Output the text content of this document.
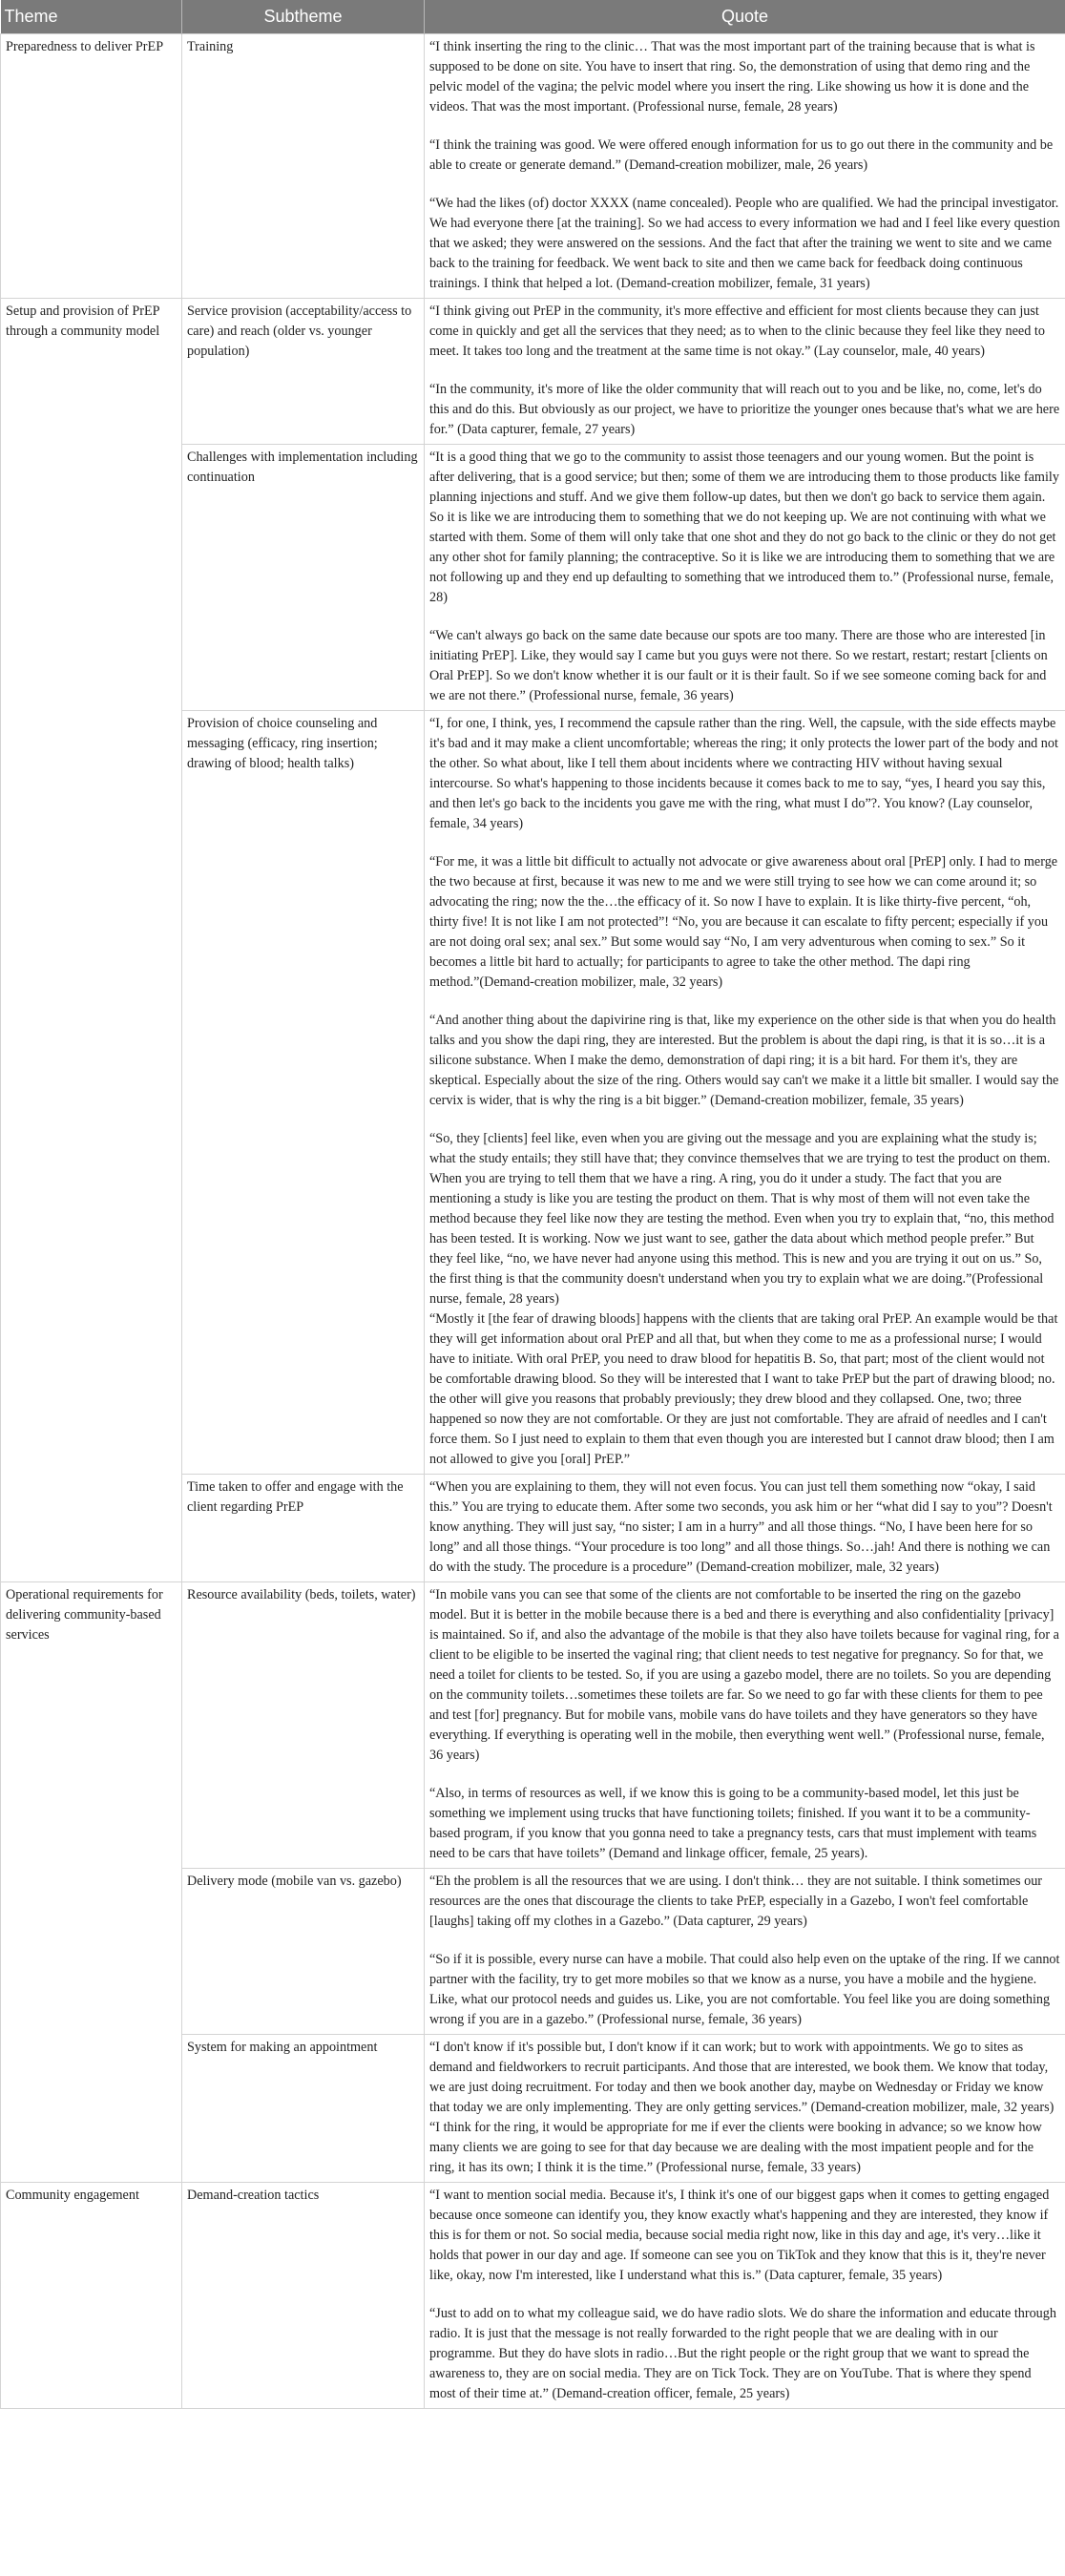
Theme	Subtheme	Quote
Preparedness to deliver PrEP	Training	“I think inserting the ring to the clinic… That was the most important part of the training because that is what is supposed to be done on site. You have to insert that ring. So, the demonstration of using that demo ring and the pelvic model of the vagina; the pelvic model where you insert the ring. Like showing us how it is done and the videos. That was the most important. (Professional nurse, female, 28 years)

“I think the training was good. We were offered enough information for us to go out there in the community and be able to create or generate demand.” (Demand-creation mobilizer, male, 26 years)

“We had the likes (of) doctor XXXX (name concealed). People who are qualified. We had the principal investigator. We had everyone there [at the training]. So we had access to every information we had and I feel like every question that we asked; they were answered on the sessions. And the fact that after the training we went to site and we came back to the training for feedback. We went back to site and then we came back for feedback doing continuous trainings. I think that helped a lot. (Demand-creation mobilizer, female, 31 years)

Setup and provision of PrEP through a community model	Service provision (acceptability/access to care) and reach (older vs. younger population)	“I think giving out PrEP in the community, it's more effective and efficient for most clients because they can just come in quickly and get all the services that they need; as to when to the clinic because they feel like they need to meet. It takes too long and the treatment at the same time is not okay.” (Lay counselor, male, 40 years)

“In the community, it's more of like the older community that will reach out to you and be like, no, come, let's do this and do this. But obviously as our project, we have to prioritize the younger ones because that's what we are here for.” (Data capturer, female, 27 years)

	Challenges with implementation including continuation	“It is a good thing that we go to the community to assist those teenagers and our young women. But the point is after delivering, that is a good service; but then; some of them we are introducing them to those products like family planning injections and stuff. And we give them follow-up dates, but then we don't go back to service them again. So it is like we are introducing them to something that we do not keeping up. We are not continuing with what we started with them. Some of them will only take that one shot and they do not go back to the clinic or they do not get any other shot for family planning; the contraceptive. So it is like we are introducing them to something that we are not following up and they end up defaulting to something that we introduced them to.” (Professional nurse, female, 28)

“We can't always go back on the same date because our spots are too many. There are those who are interested [in initiating PrEP]. Like, they would say I came but you guys were not there. So we restart, restart; restart [clients on Oral PrEP]. So we don't know whether it is our fault or it is their fault. So if we see someone coming back for and we are not there.” (Professional nurse, female, 36 years)

	Provision of choice counseling and messaging (efficacy, ring insertion; drawing of blood; health talks)	“I, for one, I think, yes, I recommend the capsule rather than the ring. Well, the capsule, with the side effects maybe it's bad and it may make a client uncomfortable; whereas the ring; it only protects the lower part of the body and not the other. So what about, like I tell them about incidents where we contracting HIV without having sexual intercourse. So what's happening to those incidents because it comes back to me to say, “yes, I heard you say this, and then let's go back to the incidents you gave me with the ring, what must I do”?. You know? (Lay counselor, female, 34 years)

“For me, it was a little bit difficult to actually not advocate or give awareness about oral [PrEP] only. I had to merge the two because at first, because it was new to me and we were still trying to see how we can come around it; so advocating the ring; now the the…the efficacy of it. So now I have to explain. It is like thirty-five percent, “oh, thirty five! It is not like I am not protected”! “No, you are because it can escalate to fifty percent; especially if you are not doing oral sex; anal sex.” But some would say “No, I am very adventurous when coming to sex.” So it becomes a little bit hard to actually; for participants to agree to take the other method. The dapi ring method.”(Demand-creation mobilizer, male, 32 years)

“And another thing about the dapivirine ring is that, like my experience on the other side is that when you do health talks and you show the dapi ring, they are interested. But the problem is about the dapi ring, is that it is so…it is a silicone substance. When I make the demo, demonstration of dapi ring; it is a bit hard. For them it's, they are skeptical. Especially about the size of the ring. Others would say can't we make it a little bit smaller. I would say the cervix is wider, that is why the ring is a bit bigger.” (Demand-creation mobilizer, female, 35 years)

“So, they [clients] feel like, even when you are giving out the message and you are explaining what the study is; what the study entails; they still have that; they convince themselves that we are trying to test the product on them. When you are trying to tell them that we have a ring. A ring, you do it under a study. The fact that you are mentioning a study is like you are testing the product on them. That is why most of them will not even take the method because they feel like now they are testing the method. Even when you try to explain that, “no, this method has been tested. It is working. Now we just want to see, gather the data about which method people prefer.” But they feel like, “no, we have never had anyone using this method. This is new and you are trying it out on us.” So, the first thing is that the community doesn't understand when you try to explain what we are doing.”(Professional nurse, female, 28 years)

“Mostly it [the fear of drawing bloods] happens with the clients that are taking oral PrEP. An example would be that they will get information about oral PrEP and all that, but when they come to me as a professional nurse; I would have to initiate. With oral PrEP, you need to draw blood for hepatitis B. So, that part; most of the client would not be comfortable drawing blood. So they will be interested that I want to take PrEP but the part of drawing blood; no. the other will give you reasons that probably previously; they drew blood and they collapsed. One, two; three happened so now they are not comfortable. Or they are just not comfortable. They are afraid of needles and I can't force them. So I just need to explain to them that even though you are interested but I cannot draw blood; then I am not allowed to give you [oral] PrEP.”

	Time taken to offer and engage with the client regarding PrEP	“When you are explaining to them, they will not even focus. You can just tell them something now “okay, I said this.” You are trying to educate them. After some two seconds, you ask him or her “what did I say to you”? Doesn't know anything. They will just say, “no sister; I am in a hurry” and all those things. “No, I have been here for so long” and all those things. “Your procedure is too long” and all those things. So…jah! And there is nothing we can do with the study. The procedure is a procedure” (Demand-creation mobilizer, male, 32 years)

Operational requirements for delivering community-based services	Resource availability (beds, toilets, water)	“In mobile vans you can see that some of the clients are not comfortable to be inserted the ring on the gazebo model. But it is better in the mobile because there is a bed and there is everything and also confidentiality [privacy] is maintained. So if, and also the advantage of the mobile is that they also have toilets because for vaginal ring, for a client to be eligible to be inserted the vaginal ring; that client needs to test negative for pregnancy. So for that, we need a toilet for clients to be tested. So, if you are using a gazebo model, there are no toilets. So you are depending on the community toilets…sometimes these toilets are far. So we need to go far with these clients for them to pee and test [for] pregnancy. But for mobile vans, mobile vans do have toilets and they have generators so they have everything. If everything is operating well in the mobile, then everything went well.” (Professional nurse, female, 36 years)

“Also, in terms of resources as well, if we know this is going to be a community-based model, let this just be something we implement using trucks that have functioning toilets; finished. If you want it to be a community-based program, if you know that you gonna need to take a pregnancy tests, cars that must implement with teams need to be cars that have toilets” (Demand and linkage officer, female, 25 years).

	Delivery mode (mobile van vs. gazebo)	“Eh the problem is all the resources that we are using. I don't think… they are not suitable. I think sometimes our resources are the ones that discourage the clients to take PrEP, especially in a Gazebo, I won't feel comfortable [laughs] taking off my clothes in a Gazebo.” (Data capturer, 29 years)

“So if it is possible, every nurse can have a mobile. That could also help even on the uptake of the ring. If we cannot partner with the facility, try to get more mobiles so that we know as a nurse, you have a mobile and the hygiene. Like, what our protocol needs and guides us. Like, you are not comfortable. You feel like you are doing something wrong if you are in a gazebo.” (Professional nurse, female, 36 years)

	System for making an appointment	“I don't know if it's possible but, I don't know if it can work; but to work with appointments. We go to sites as demand and fieldworkers to recruit participants. And those that are interested, we book them. We know that today, we are just doing recruitment. For today and then we book another day, maybe on Wednesday or Friday we know that today we are only implementing. They are only getting services.” (Demand-creation mobilizer, male, 32 years) “I think for the ring, it would be appropriate for me if ever the clients were booking in advance; so we know how many clients we are going to see for that day because we are dealing with the most impatient people and for the ring, it has its own; I think it is the time.” (Professional nurse, female, 33 years)

Community engagement	Demand-creation tactics	“I want to mention social media. Because it's, I think it's one of our biggest gaps when it comes to getting engaged because once someone can identify you, they know exactly what's happening and they are interested, they know if this is for them or not. So social media, because social media right now, like in this day and age, it's very…like it holds that power in our day and age. If someone can see you on TikTok and they know that this is it, they're never like, okay, now I'm interested, like I understand what this is.” (Data capturer, female, 35 years)

“Just to add on to what my colleague said, we do have radio slots. We do share the information and educate through radio. It is just that the message is not really forwarded to the right people that we are dealing with in our programme. But they do have slots in radio…But the right people or the right group that we want to spread the awareness to, they are on social media. They are on Tick Tock. They are on YouTube. That is where they spend most of their time at.” (Demand-creation officer, female, 25 years)
